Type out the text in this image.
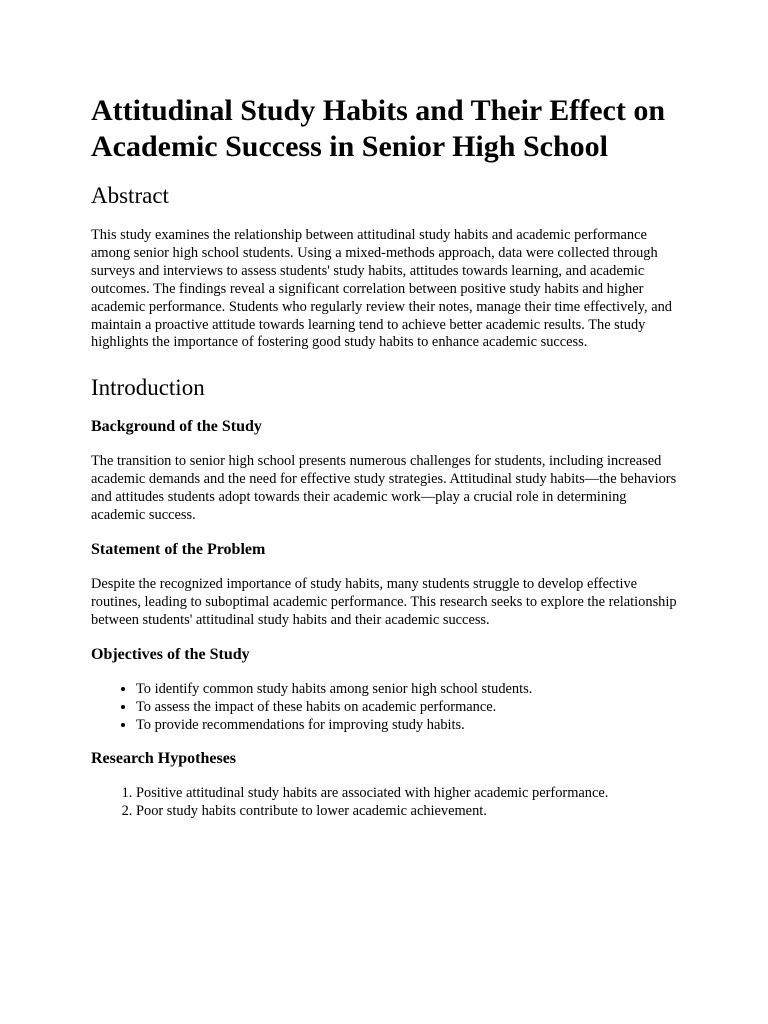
Attitudinal Study Habits and Their Effect on Academic Success in Senior High School
Abstract

This study examines the relationship between attitudinal study habits and academic performance among senior high school students. Using a mixed-methods approach, data were collected through surveys and interviews to assess students' study habits, attitudes towards learning, and academic outcomes. The findings reveal a significant correlation between positive study habits and higher academic performance. Students who regularly review their notes, manage their time effectively, and maintain a proactive attitude towards learning tend to achieve better academic results. The study highlights the importance of fostering good study habits to enhance academic success.

Introduction
Background of the Study

The transition to senior high school presents numerous challenges for students, including increased academic demands and the need for effective study strategies. Attitudinal study habits—the behaviors and attitudes students adopt towards their academic work—play a crucial role in determining academic success.

Statement of the Problem

Despite the recognized importance of study habits, many students struggle to develop effective routines, leading to suboptimal academic performance. This research seeks to explore the relationship between students' attitudinal study habits and their academic success.

Objectives of the Study
• To identify common study habits among senior high school students.
• To assess the impact of these habits on academic performance.
• To provide recommendations for improving study habits.
Research Hypotheses
1. Positive attitudinal study habits are associated with higher academic performance.
2. Poor study habits contribute to lower academic achievement.
